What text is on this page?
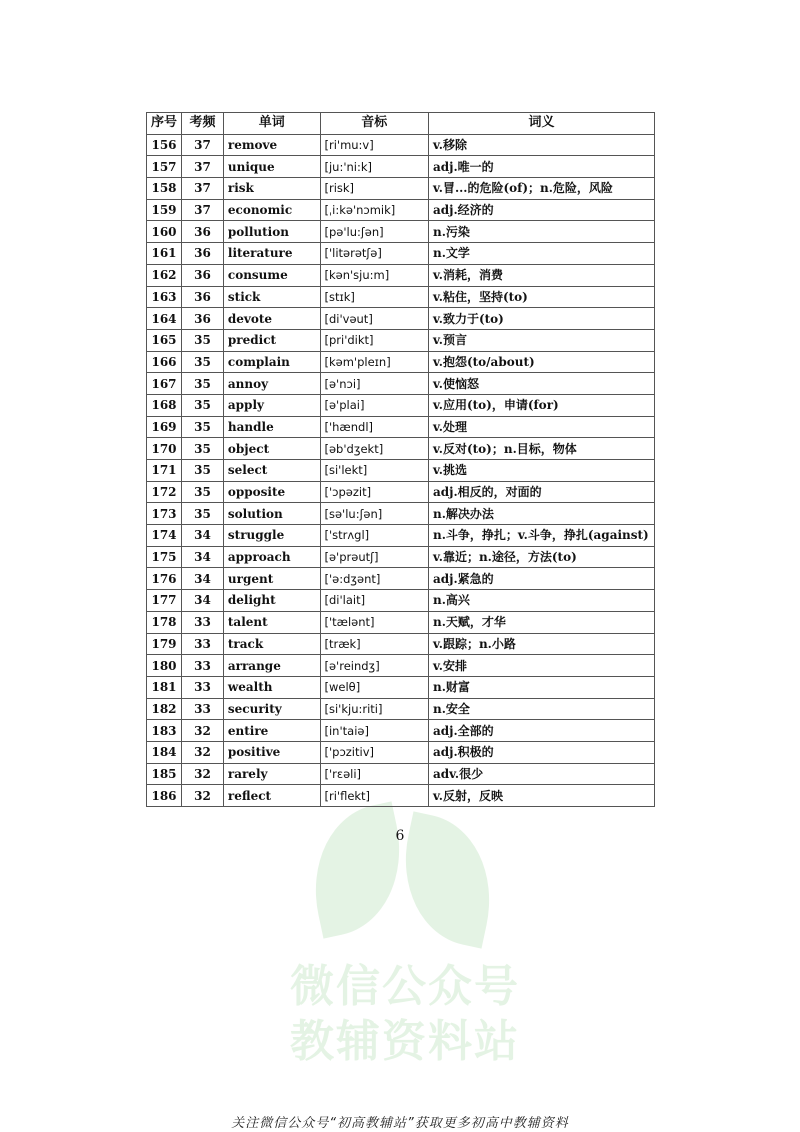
微信公众号
教辅资料站
序号	考频	单词	音标	词义
156	37	remove	[ri'mu:v]	v.移除
157	37	unique	[ju:'ni:k]	adj.唯一的
158	37	risk	[risk]	v.冒...的危险(of)；n.危险，风险
159	37	economic	[ˌi:kə'nɔmik]	adj.经济的
160	36	pollution	[pə'lu:ʃən]	n.污染
161	36	literature	['litərətʃə]	n.文学
162	36	consume	[kən'sju:m]	v.消耗，消费
163	36	stick	[stɪk]	v.粘住，坚持(to)
164	36	devote	[di'vəut]	v.致力于(to)
165	35	predict	[pri'dikt]	v.预言
166	35	complain	[kəm'pleɪn]	v.抱怨(to/about)
167	35	annoy	[ə'nɔi]	v.使恼怒
168	35	apply	[ə'plai]	v.应用(to)，申请(for)
169	35	handle	['hændl]	v.处理
170	35	object	[əb'dʒekt]	v.反对(to)；n.目标，物体
171	35	select	[si'lekt]	v.挑选
172	35	opposite	['ɔpəzit]	adj.相反的，对面的
173	35	solution	[sə'lu:ʃən]	n.解决办法
174	34	struggle	['strʌgl]	n.斗争，挣扎；v.斗争，挣扎(against)
175	34	approach	[ə'prəutʃ]	v.靠近；n.途径，方法(to)
176	34	urgent	['ə:dʒənt]	adj.紧急的
177	34	delight	[di'lait]	n.高兴
178	33	talent	['tælənt]	n.天赋，才华
179	33	track	[træk]	v.跟踪；n.小路
180	33	arrange	[ə'reindʒ]	v.安排
181	33	wealth	[welθ]	n.财富
182	33	security	[si'kju:riti]	n.安全
183	32	entire	[in'taiə]	adj.全部的
184	32	positive	['pɔzitiv]	adj.积极的
185	32	rarely	['rɛəli]	adv.很少
186	32	reflect	[ri'flekt]	v.反射，反映
6
关注微信公众号“初高教辅站”获取更多初高中教辅资料
